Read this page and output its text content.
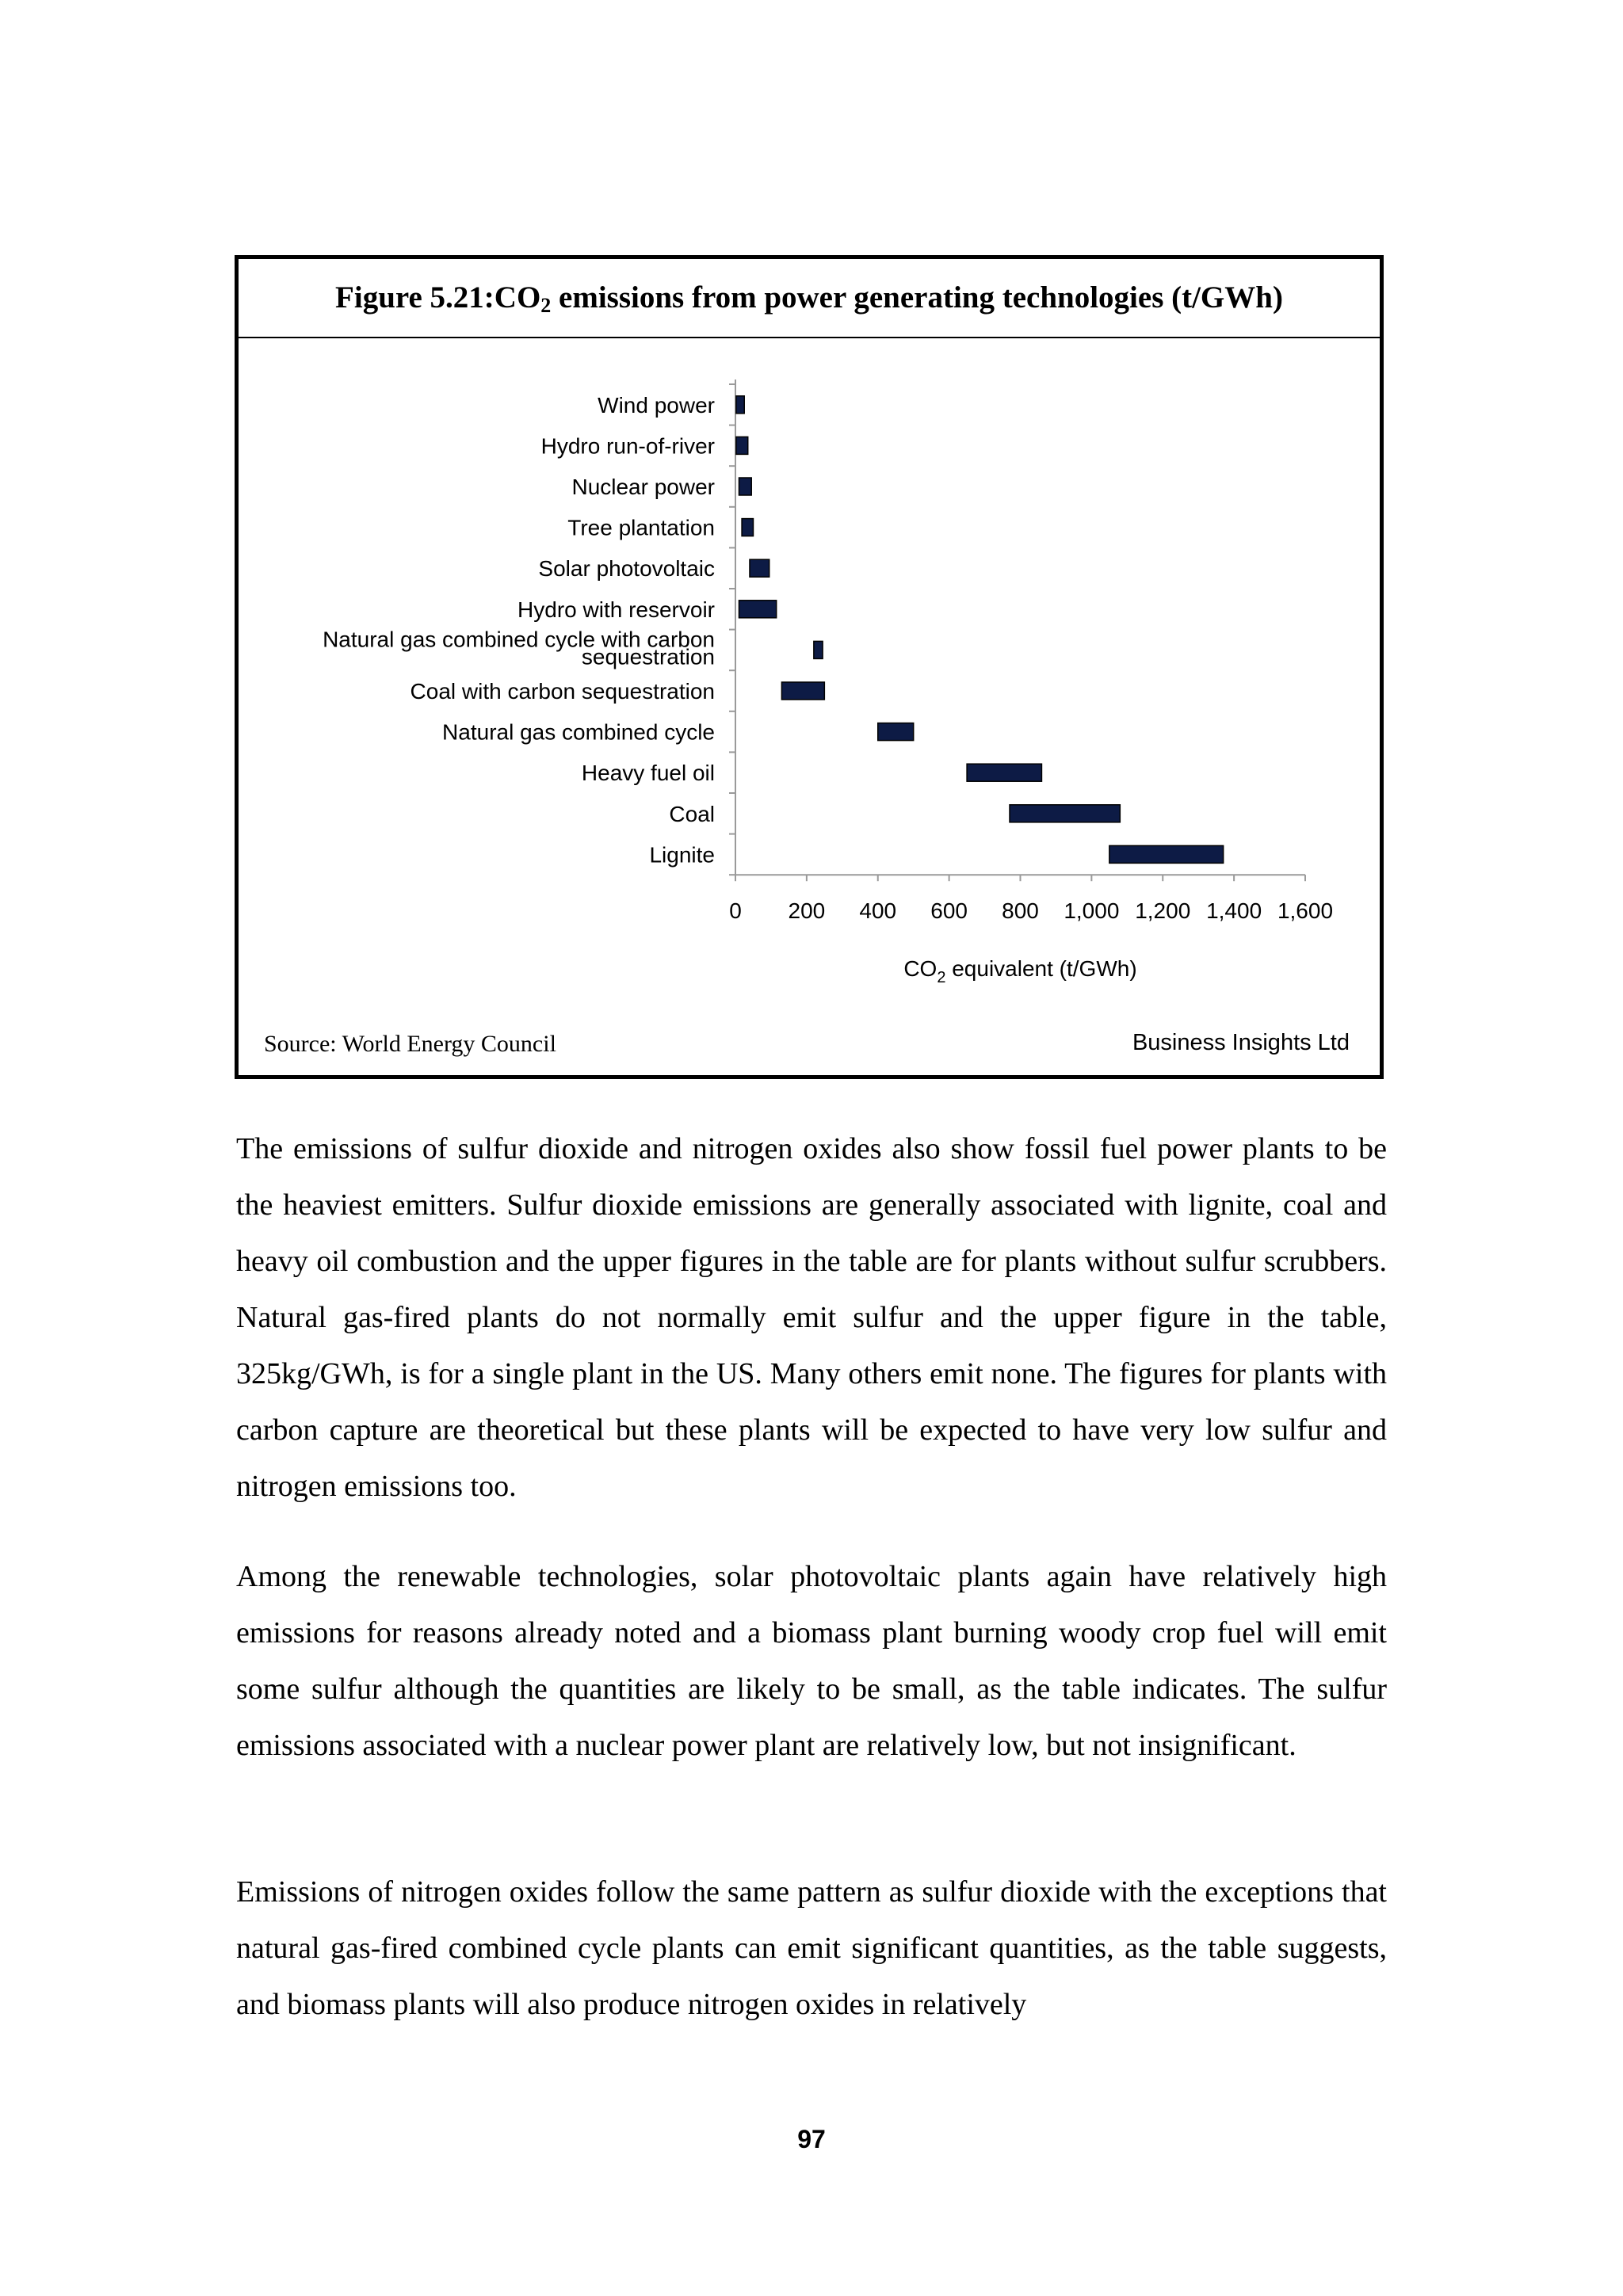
Figure $5.21:CO_2$ emissions from power generating technologies (t/GWh)
Wind power
Hydro run-of-river
Nuclear power
Tree plantation
Solar photovoltaic
Hydro with reservoir
Natural gas combined cycle with carbon
sequestration
Coal with carbon sequestration
Natural gas combined cycle
Heavy fuel oil
Coal
Lignite
0 200 400 600 800 1,000 1,200 1,400 1,600
$CO_2$ equivalent (t/GWh)
Source: World Energy Council	Business Insights Ltd

The emissions of sulfur dioxide and nitrogen oxides also show fossil fuel power plants to be the heaviest emitters. Sulfur dioxide emissions are generally associated with lignite, coal and heavy oil combustion and the upper figures in the table are for plants without sulfur scrubbers. Natural gas-fired plants do not normally emit sulfur and the upper figure in the table, 325kg/GWh, is for a single plant in the US. Many others emit none. The figures for plants with carbon capture are theoretical but these plants will be expected to have very low sulfur and nitrogen emissions too.

Among the renewable technologies, solar photovoltaic plants again have relatively high emissions for reasons already noted and a biomass plant burning woody crop fuel will emit some sulfur although the quantities are likely to be small, as the table indicates. The sulfur emissions associated with a nuclear power plant are relatively low, but not insignificant.

Emissions of nitrogen oxides follow the same pattern as sulfur dioxide with the exceptions that natural gas-fired combined cycle plants can emit significant quantities, as the table suggests, and biomass plants will also produce nitrogen oxides in relatively

97
